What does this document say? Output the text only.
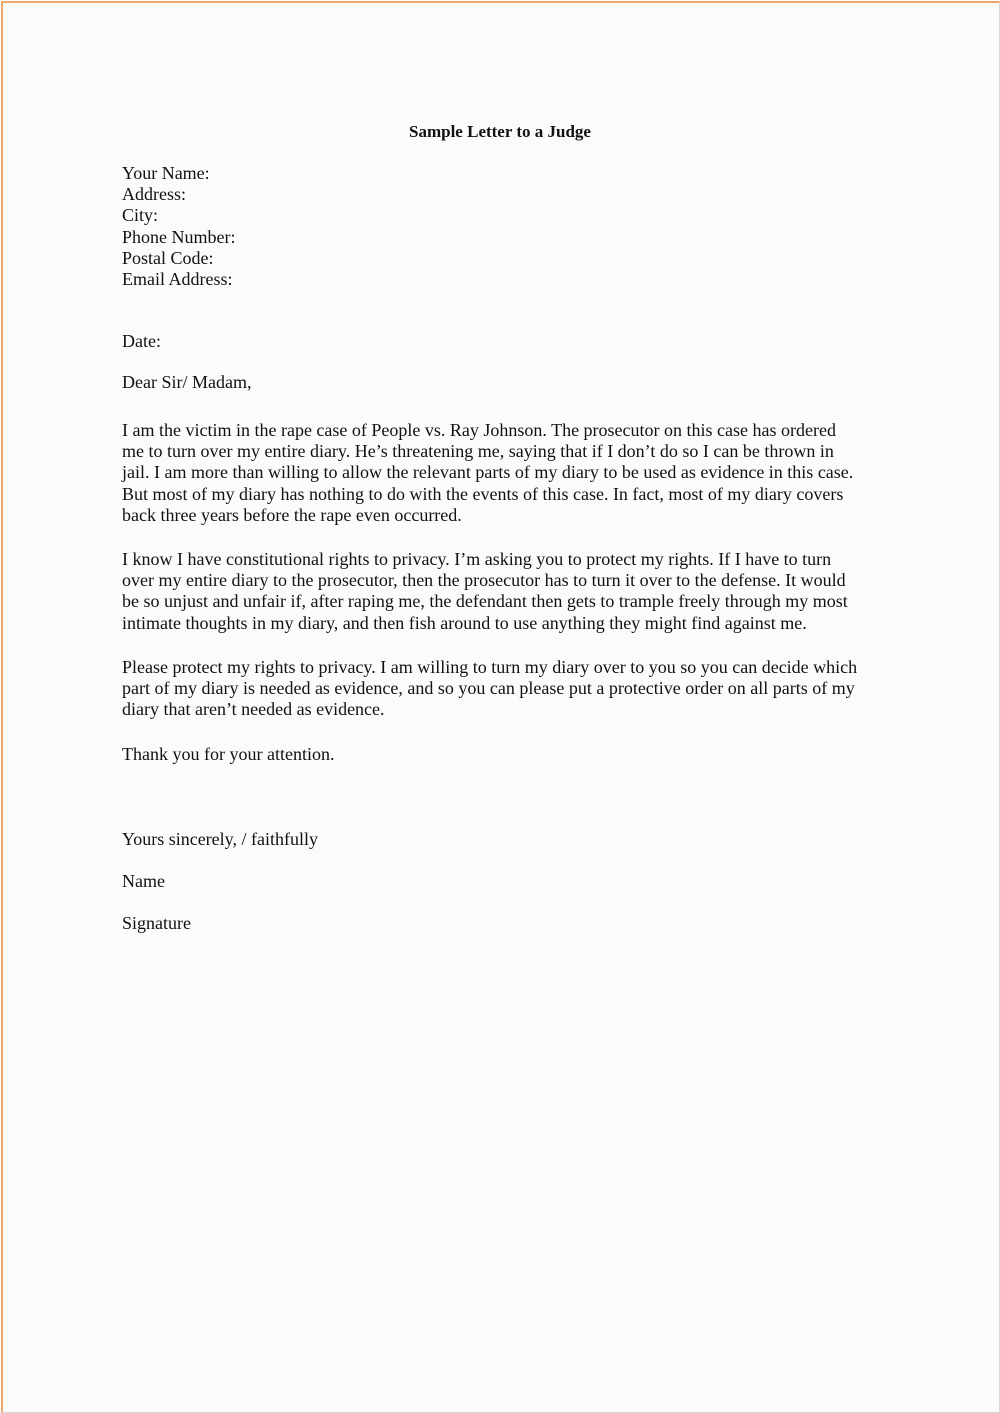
Sample Letter to a Judge
Your Name:
Address:
City:
Phone Number:
Postal Code:
Email Address:
Date:
Dear Sir/ Madam,
I am the victim in the rape case of People vs. Ray Johnson. The prosecutor on this case has ordered
me to turn over my entire diary. He’s threatening me, saying that if I don’t do so I can be thrown in
jail. I am more than willing to allow the relevant parts of my diary to be used as evidence in this case.
But most of my diary has nothing to do with the events of this case. In fact, most of my diary covers
back three years before the rape even occurred.
I know I have constitutional rights to privacy. I’m asking you to protect my rights. If I have to turn
over my entire diary to the prosecutor, then the prosecutor has to turn it over to the defense. It would
be so unjust and unfair if, after raping me, the defendant then gets to trample freely through my most
intimate thoughts in my diary, and then fish around to use anything they might find against me.
Please protect my rights to privacy. I am willing to turn my diary over to you so you can decide which
part of my diary is needed as evidence, and so you can please put a protective order on all parts of my
diary that aren’t needed as evidence.
Thank you for your attention.
Yours sincerely, / faithfully
Name
Signature
